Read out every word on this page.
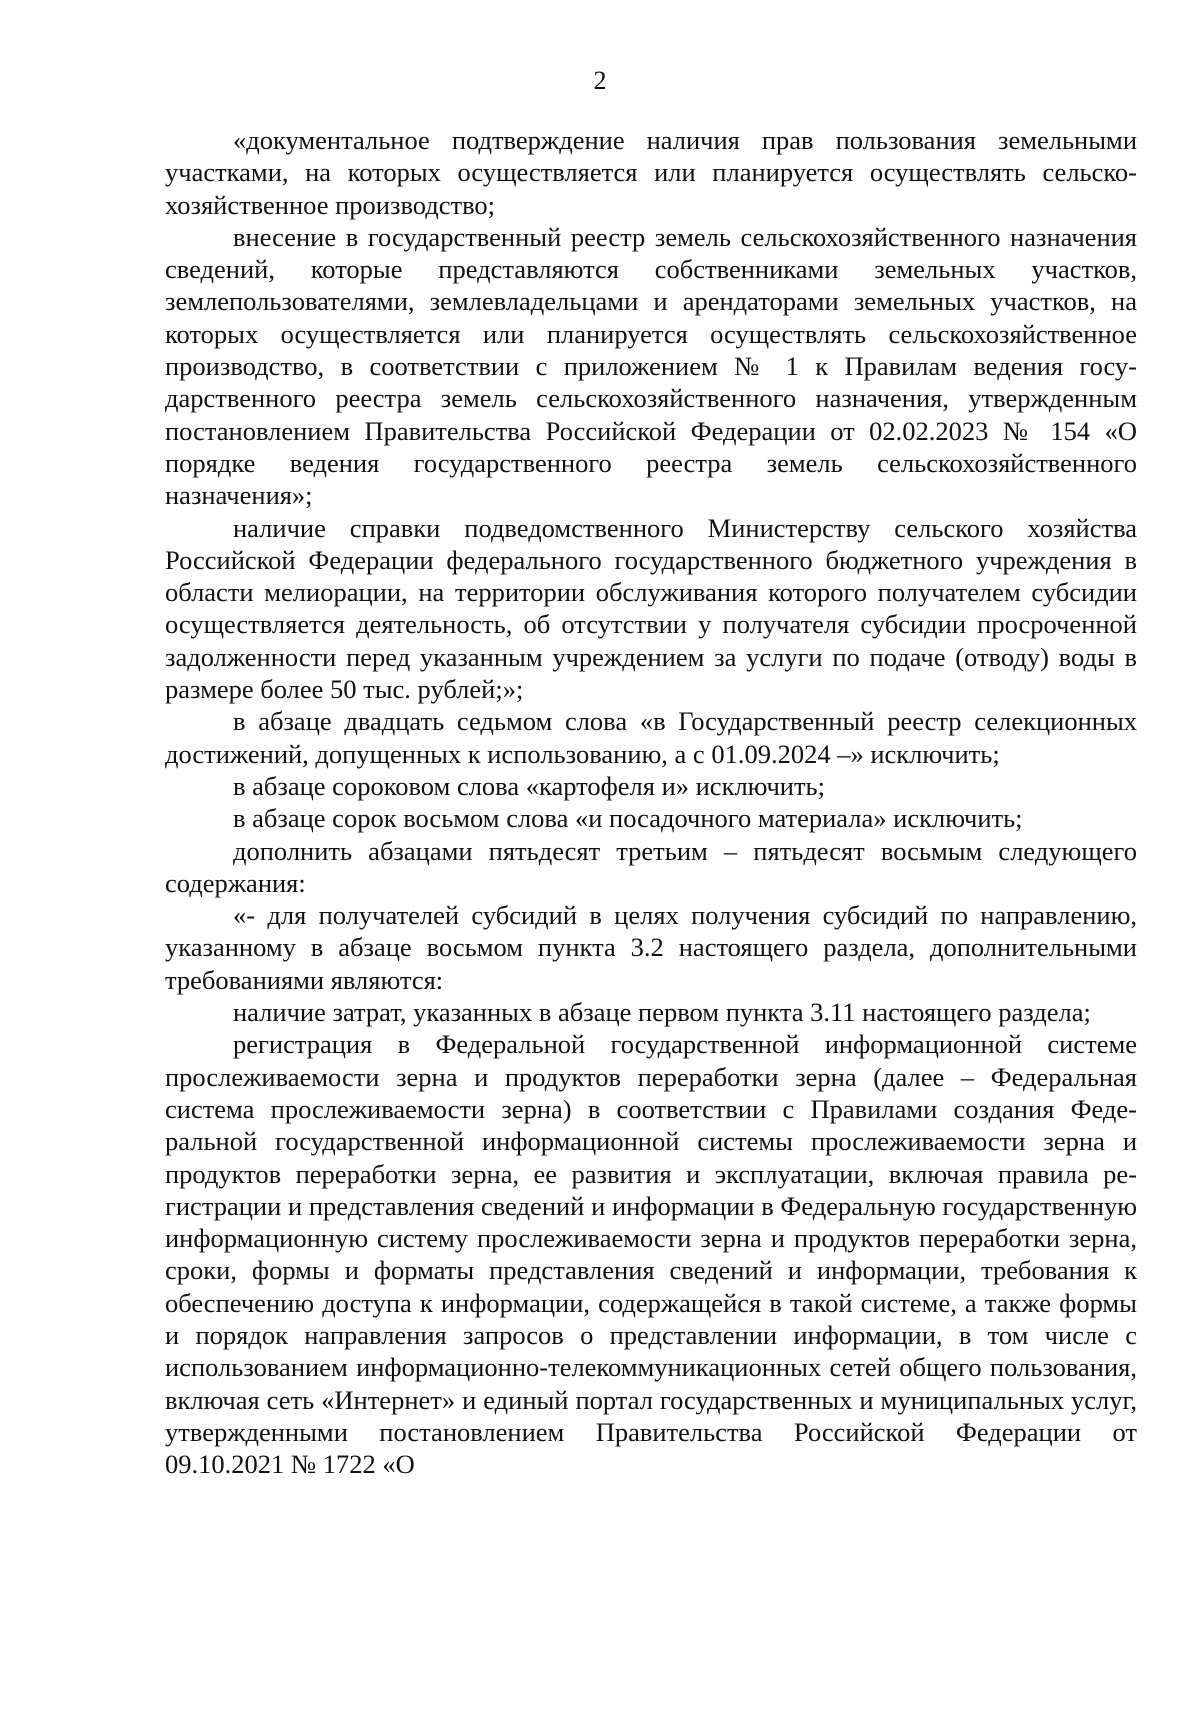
2

«документальное подтверждение наличия прав пользования земельными участками, на которых осуществляется или планируется осуществлять сельскохозяйственное производство;

внесение в государственный реестр земель сельскохозяйственного назначения сведений, которые представляются собственниками земельных участков, землепользователями, землевладельцами и арендаторами земельных участков, на которых осуществляется или планируется осуществлять сельскохозяйственное производство, в соответствии с приложением № 1 к Правилам ведения государственного реестра земель сельскохозяйственного назначения, утвержденным постановлением Правительства Российской Федерации от 02.02.2023 № 154 «О порядке ведения государственного реестра земель сельскохозяйственного назначения»;

наличие справки подведомственного Министерству сельского хозяйства Российской Федерации федерального государственного бюджетного учреждения в области мелиорации, на территории обслуживания которого получателем субсидии осуществляется деятельность, об отсутствии у получателя субсидии просроченной задолженности перед указанным учреждением за услуги по подаче (отводу) воды в размере более 50 тыс. рублей;»;

в абзаце двадцать седьмом слова «в Государственный реестр селекционных достижений, допущенных к использованию, а с 01.09.2024 –» исключить;

в абзаце сороковом слова «картофеля и» исключить;

в абзаце сорок восьмом слова «и посадочного материала» исключить;

дополнить абзацами пятьдесят третьим – пятьдесят восьмым следующего содержания:

«- для получателей субсидий в целях получения субсидий по направлению, указанному в абзаце восьмом пункта 3.2 настоящего раздела, дополнительными требованиями являются:

наличие затрат, указанных в абзаце первом пункта 3.11 настоящего раздела;

регистрация в Федеральной государственной информационной системе прослеживаемости зерна и продуктов переработки зерна (далее – Федеральная система прослеживаемости зерна) в соответствии с Правилами создания Федеральной государственной информационной системы прослеживаемости зерна и продуктов переработки зерна, ее развития и эксплуатации, включая правила регистрации и представления сведений и информации в Федеральную государственную информационную систему прослеживаемости зерна и продуктов переработки зерна, сроки, формы и форматы представления сведений и информации, требования к обеспечению доступа к информации, содержащейся в такой системе, а также формы и порядок направления запросов о представлении информации, в том числе с использованием информационно-телекоммуникационных сетей общего пользования, включая сеть «Интернет» и единый портал государственных и муниципальных услуг, утвержденными постановлением Правительства Российской Федерации от 09.10.2021 № 1722 «О
